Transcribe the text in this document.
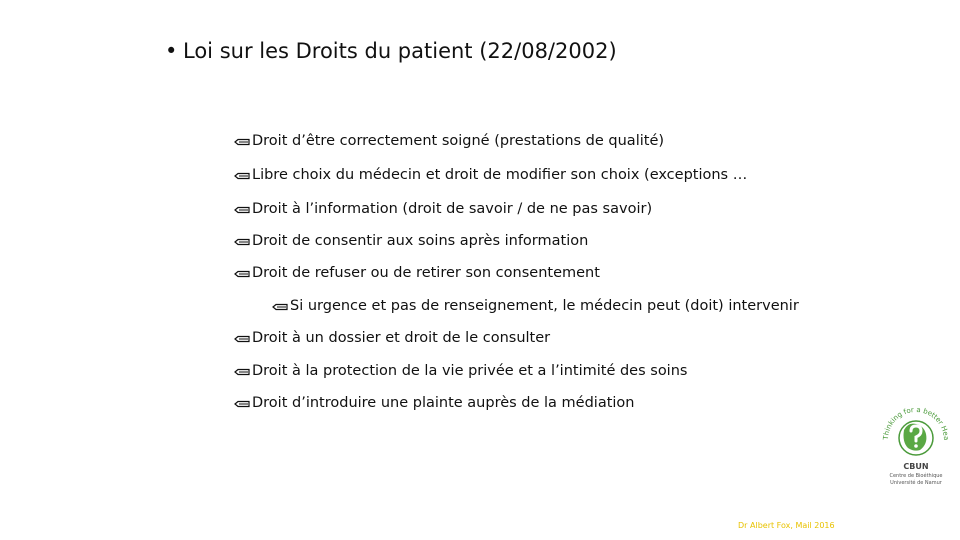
• Loi sur les Droits du patient (22/08/2002)
Droit d’être correctement soigné (prestations de qualité)
Libre choix du médecin et droit de modifier son choix (exceptions …
Droit à l’information (droit de savoir / de ne pas savoir)
Droit de consentir aux soins après information
Droit de refuser ou de retirer son consentement
Si urgence et pas de renseignement, le médecin peut (doit) intervenir
Droit à un dossier et droit de le consulter
Droit à la protection de la vie privée et a l’intimité des soins
Droit d’introduire une plainte auprès de la médiation
Thinking for a better Hea
CBUN
Centre de Bioéthique
Université de Namur
Dr Albert Fox, Mail 2016
